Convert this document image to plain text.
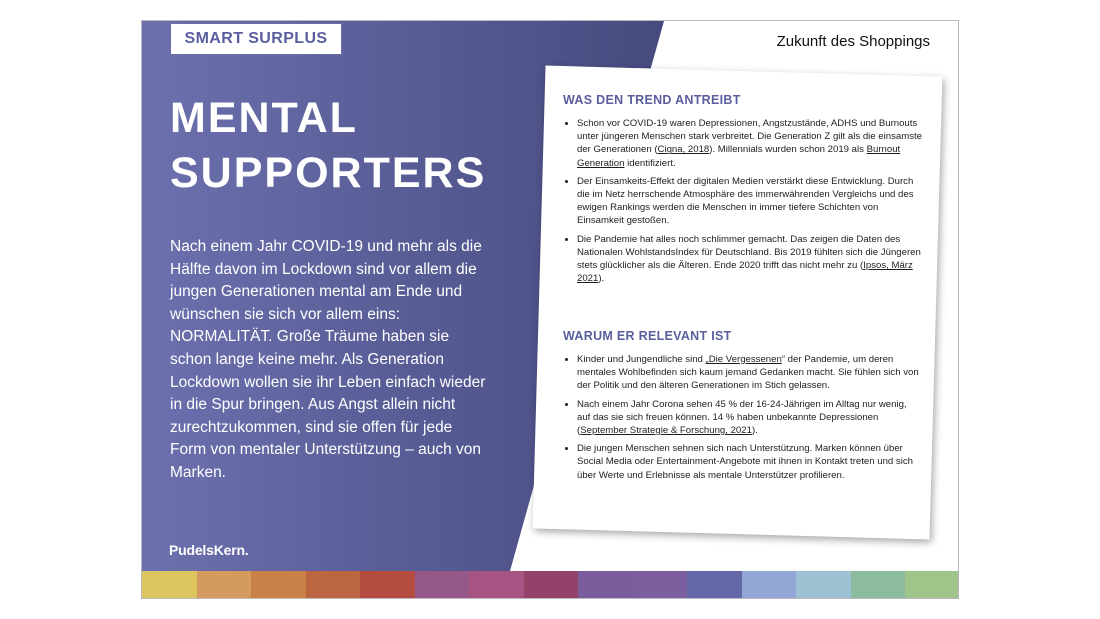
SMART SURPLUS	Zukunft des Shoppings
MENTAL
SUPPORTERS
Nach einem Jahr COVID-19 und mehr als die Hälfte davon im Lockdown sind vor allem die jungen Generationen mental am Ende und wünschen sie sich vor allem eins: NORMALITÄT. Große Träume haben sie schon lange keine mehr. Als Generation Lockdown wollen sie ihr Leben einfach wieder in die Spur bringen. Aus Angst allein nicht zurechtzukommen, sind sie offen für jede Form von mentaler Unterstützung – auch von Marken.
PudelsKern.
WAS DEN TREND ANTREIBT
• Schon vor COVID-19 waren Depressionen, Angstzustände, ADHS und Burnouts unter jüngeren Menschen stark verbreitet. Die Generation Z gilt als die einsamste der Generationen (Cigna, 2018). Millennials wurden schon 2019 als Burnout Generation identifiziert.
• Der Einsamkeits-Effekt der digitalen Medien verstärkt diese Entwicklung. Durch die im Netz herrschende Atmosphäre des immerwährenden Vergleichs und des ewigen Rankings werden die Menschen in immer tiefere Schichten von Einsamkeit gestoßen.
• Die Pandemie hat alles noch schlimmer gemacht. Das zeigen die Daten des Nationalen WohlstandsIndex für Deutschland. Bis 2019 fühlten sich die Jüngeren stets glücklicher als die Älteren. Ende 2020 trifft das nicht mehr zu (Ipsos, März 2021).
WARUM ER RELEVANT IST
• Kinder und Jungendliche sind „Die Vergessenen“ der Pandemie, um deren mentales Wohlbefinden sich kaum jemand Gedanken macht. Sie fühlen sich von der Politik und den älteren Generationen im Stich gelassen.
• Nach einem Jahr Corona sehen 45 % der 16-24-Jährigen im Alltag nur wenig, auf das sie sich freuen können. 14 % haben unbekannte Depressionen (September Strategie & Forschung, 2021).
• Die jungen Menschen sehnen sich nach Unterstützung. Marken können über Social Media oder Entertainment-Angebote mit ihnen in Kontakt treten und sich über Werte und Erlebnisse als mentale Unterstützer profilieren.
